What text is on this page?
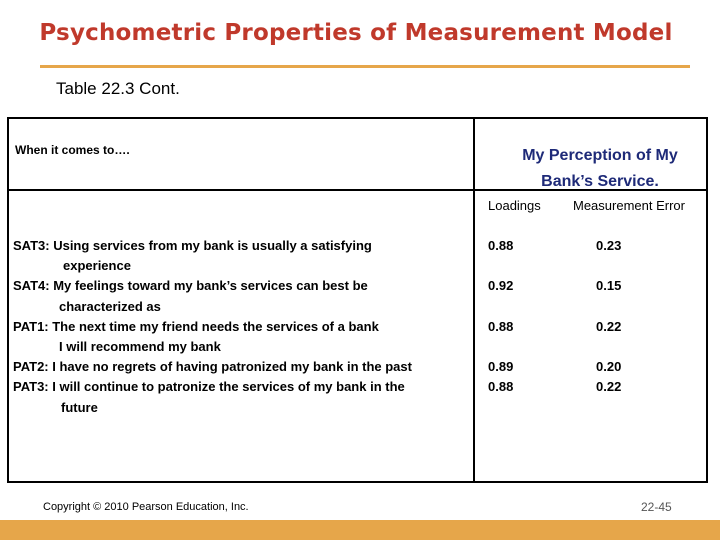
Psychometric Properties of Measurement Model
Table 22.3 Cont.
When it comes to….	My Perception of My
Bank’s Service.
Loadings Measurement Error
SAT3: Using services from my bank is usually a satisfying
experience
SAT4: My feelings toward my bank’s services can best be
characterized as
PAT1: The next time my friend needs the services of a bank
I will recommend my bank
PAT2: I have no regrets of having patronized my bank in the past
PAT3: I will continue to patronize the services of my bank in the
future
0.88
0.92
0.88
0.89
0.88
0.23
0.15
0.22
0.20
0.22
Copyright © 2010 Pearson Education, Inc.	22-45
